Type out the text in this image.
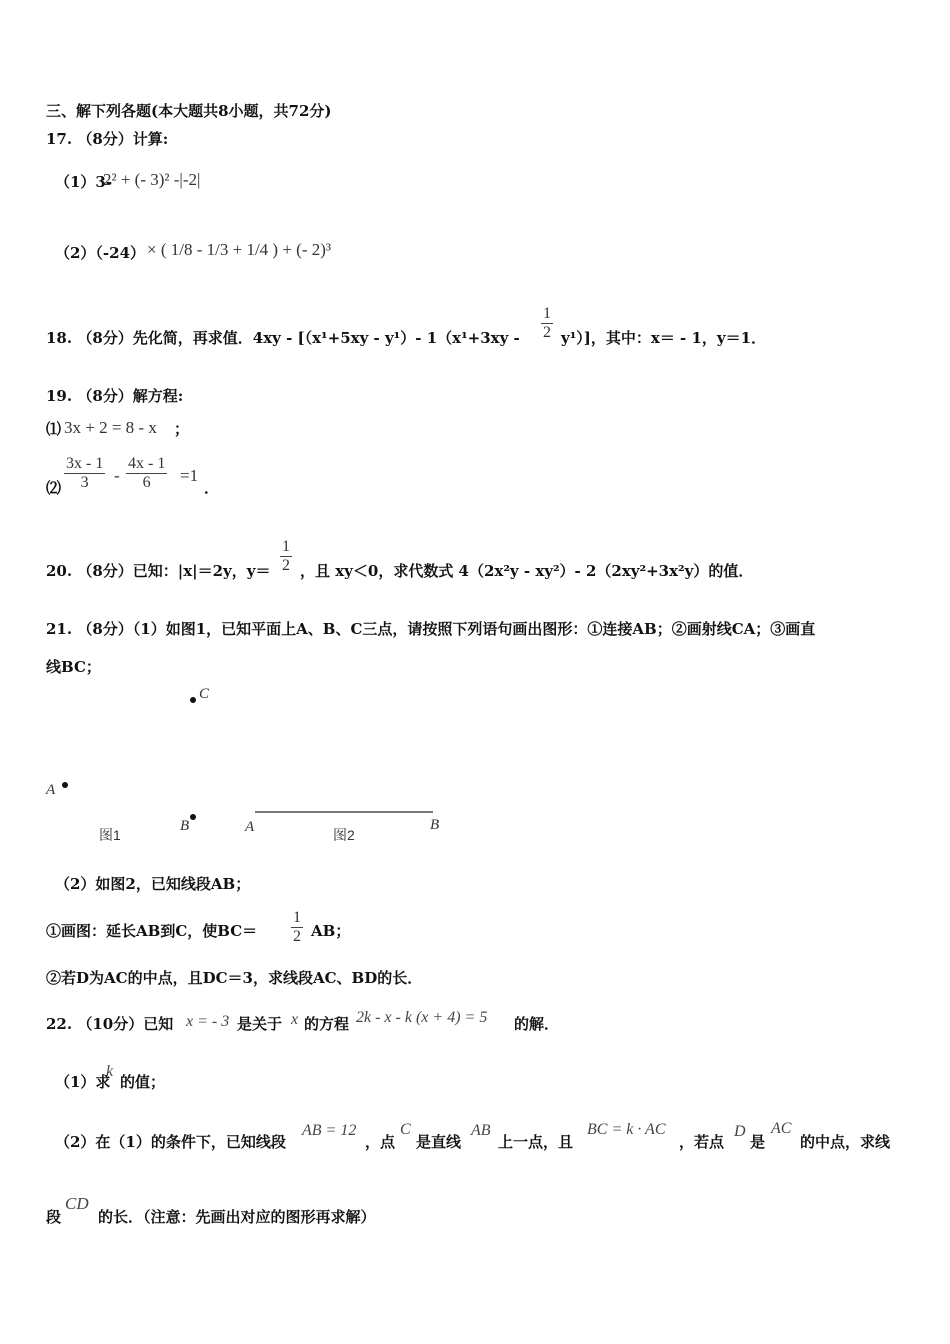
三、解下列各题(本大题共8小题，共72分)
17. （8分）计算:
（1）3-
2² + (- 3)² -|-2|
（2）（-24） × ( 1/8 - 1/3 + 1/4 ) + (- 2)³
18. （8分）先化简，再求值．4xy - [（x¹+5xy - y¹）- $1(x^1+3xy - \frac{1}{2} y^1)$]，其中：x＝ - 1，y＝1．
19. （8分）解方程:
⑴ 3x + 2 = 8 - x ；
⑵ $\frac{3x - 1}{3} - \frac{4x - 1}{6} =1$
．
20. （8分）已知：|x|＝2y，$y= \frac{1}{2}$ ，且 xy＜0，求代数式 4（2x²y - xy²）- 2（2xy²+3x²y）的值．
21. （8分）（1）如图1，已知平面上A、B、C三点，请按照下列语句画出图形：①连接AB；②画射线CA；③画直
线BC；
C
A
B
图1	A	B
图2
（2）如图2，已知线段AB；
①画图：延长AB到C，使$BC= \frac{1}{2}$ AB；
②若D为AC的中点，且DC＝3，求线段AC、BD的长．
22. （10分）已知 x = - 3 是关于 x 的方程 2k - x - k (x + 4) = 5 的解．
（1）求
k
的值；
（2）在（1）的条件下，已知线段
AB = 12
，点
C
是直线
AB
上一点，且
BC = k · AC
，若点
D
是
AC
的中点，求线
段
CD
的长．（注意：先画出对应的图形再求解）
